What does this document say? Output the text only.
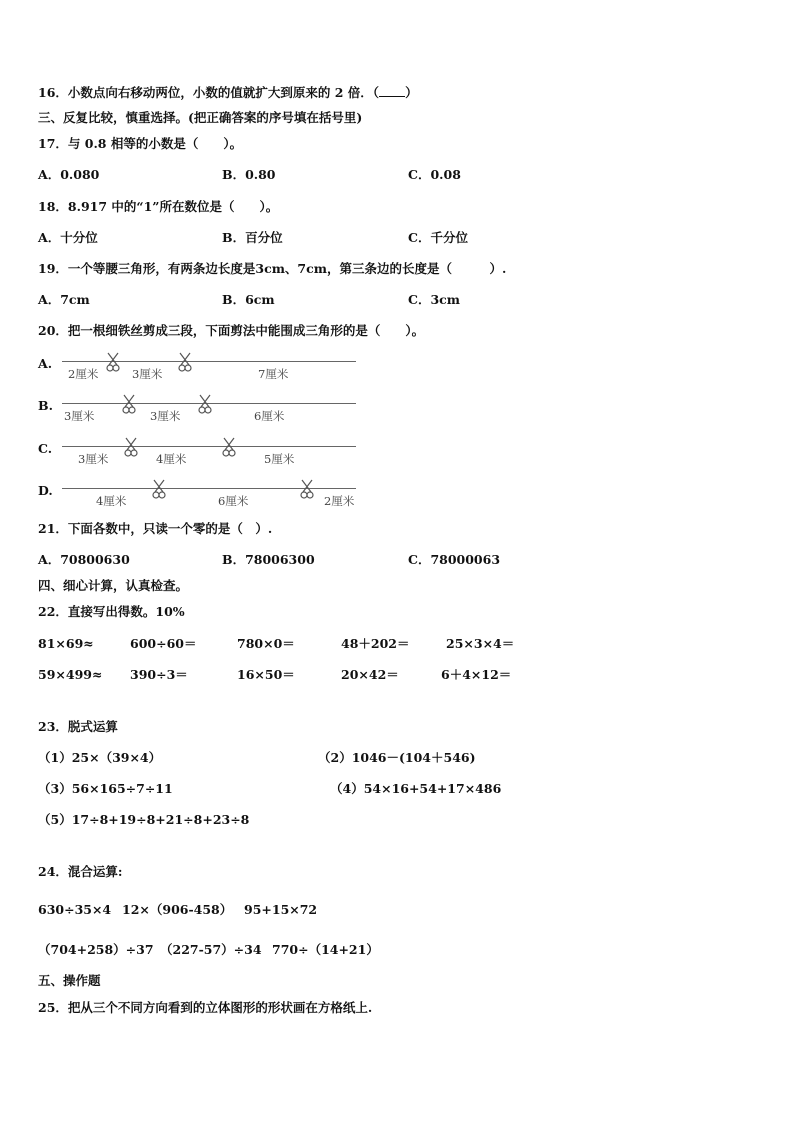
16．小数点向右移动两位，小数的值就扩大到原来的 2 倍．（ ）
三、反复比较，慎重选择。(把正确答案的序号填在括号里)
17．与 0.8 相等的小数是（　　）。
A．0.080	B．0.80	C．0.08
18．8.917 中的“1”所在数位是（　　）。
A．十分位	B．百分位	C．千分位
19．一个等腰三角形，有两条边长度是3cm、7cm，第三条边的长度是（　　　）.
A．7cm	B．6cm	C．3cm
20．把一根细铁丝剪成三段，下面剪法中能围成三角形的是（　　）。
A.
2厘米	3厘米	7厘米
B.
3厘米	3厘米	6厘米
C.
3厘米	4厘米	5厘米
D.
4厘米	6厘米	2厘米
21．下面各数中，只读一个零的是（　）.
A．70800630	B．78006300	C．78000063
四、细心计算，认真检查。
22．直接写出得数。10%
81×69≈	600÷60＝	780×0＝	48＋202＝	25×3×4＝
59×499≈ 390÷3＝	16×50＝	20×42＝	6＋4×12＝
23．脱式运算
（1）25×（39×4）	（2）1046－(104＋546)
（3）56×165÷7÷11	（4）54×16+54+17×486
（5）17÷8+19÷8+21÷8+23÷8
24．混合运算:
630÷35×4 12×（906-458） 95+15×72
（704+258）÷37 （227-57）÷34 770÷（14+21）
五、操作题
25．把从三个不同方向看到的立体图形的形状画在方格纸上.
